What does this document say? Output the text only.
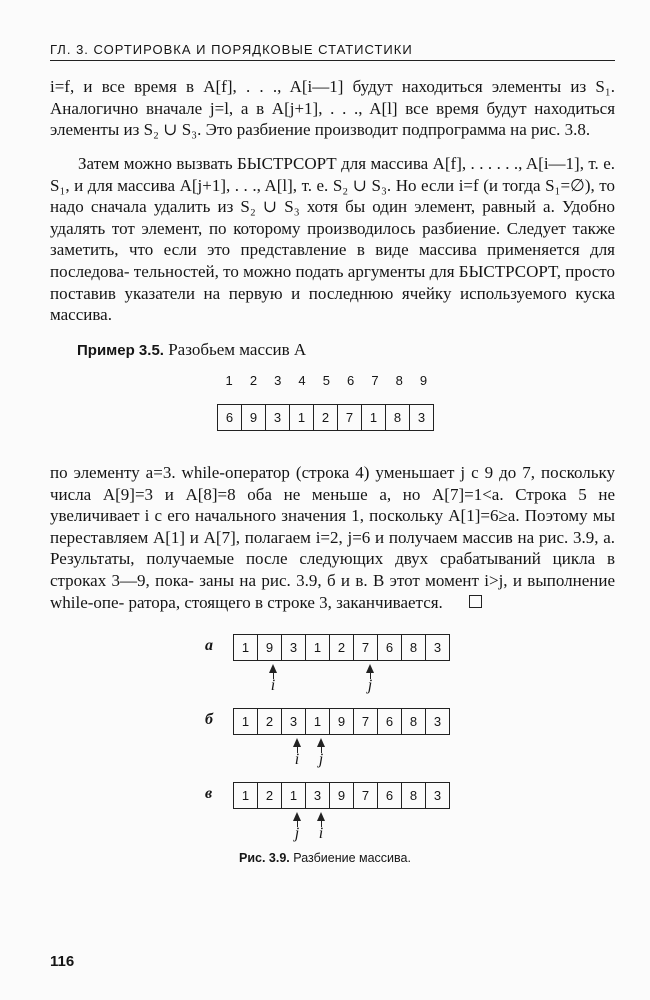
ГЛ. 3. СОРТИРОВКА И ПОРЯДКОВЫЕ СТАТИСТИКИ

i=f, и все время в A[f], . . ., A[i—1] будут находиться элементы из S₁. Аналогично вначале j=l, а в A[j+1], . . ., A[l] все время будут находиться элементы из S₂ ∪ S₃. Это разбиение производит подпрограмма на рис. 3.8.

Затем можно вызвать БЫСТРСОРТ для массива A[f], . . . . . ., A[i—1], т. е. S₁, и для массива A[j+1], . . ., A[l], т. е. S₂ ∪ S₃. Но если i=f (и тогда S₁=∅), то надо сначала удалить из S₂ ∪ S₃ хотя бы один элемент, равный a. Удобно удалять тот элемент, по которому производилось разбиение. Следует также заметить, что если это представление в виде массива применяется для последова- тельностей, то можно подать аргументы для БЫСТРСОРТ, просто поставив указатели на первую и последнюю ячейку используемого куска массива.

Пример 3.5. Разобьем массив A
1	2	3	4	5	6	7	8	9
6	9	3	1	2	7	1	8	3

по элементу a=3. while-оператор (строка 4) уменьшает j с 9 до 7, поскольку числа A[9]=3 и A[8]=8 оба не меньше a, но A[7]=1<a. Строка 5 не увеличивает i с его начального значения 1, поскольку A[1]=6≥a. Поэтому мы переставляем A[1] и A[7], полагаем i=2, j=6 и получаем массив на рис. 3.9, a. Результаты, получаемые после следующих двух срабатываний цикла в строках 3—9, пока- заны на рис. 3.9, б и в. В этот момент i>j, и выполнение while-опе- ратора, стоящего в строке 3, заканчивается.

а	1	9	3	1	2	7	6	8	3
i	j
б	1	2	3	1	9	7	6	8	3
i j
в	1	2	1	3	9	7	6	8	3
j i
Рис. 3.9. Разбиение массива.
116
